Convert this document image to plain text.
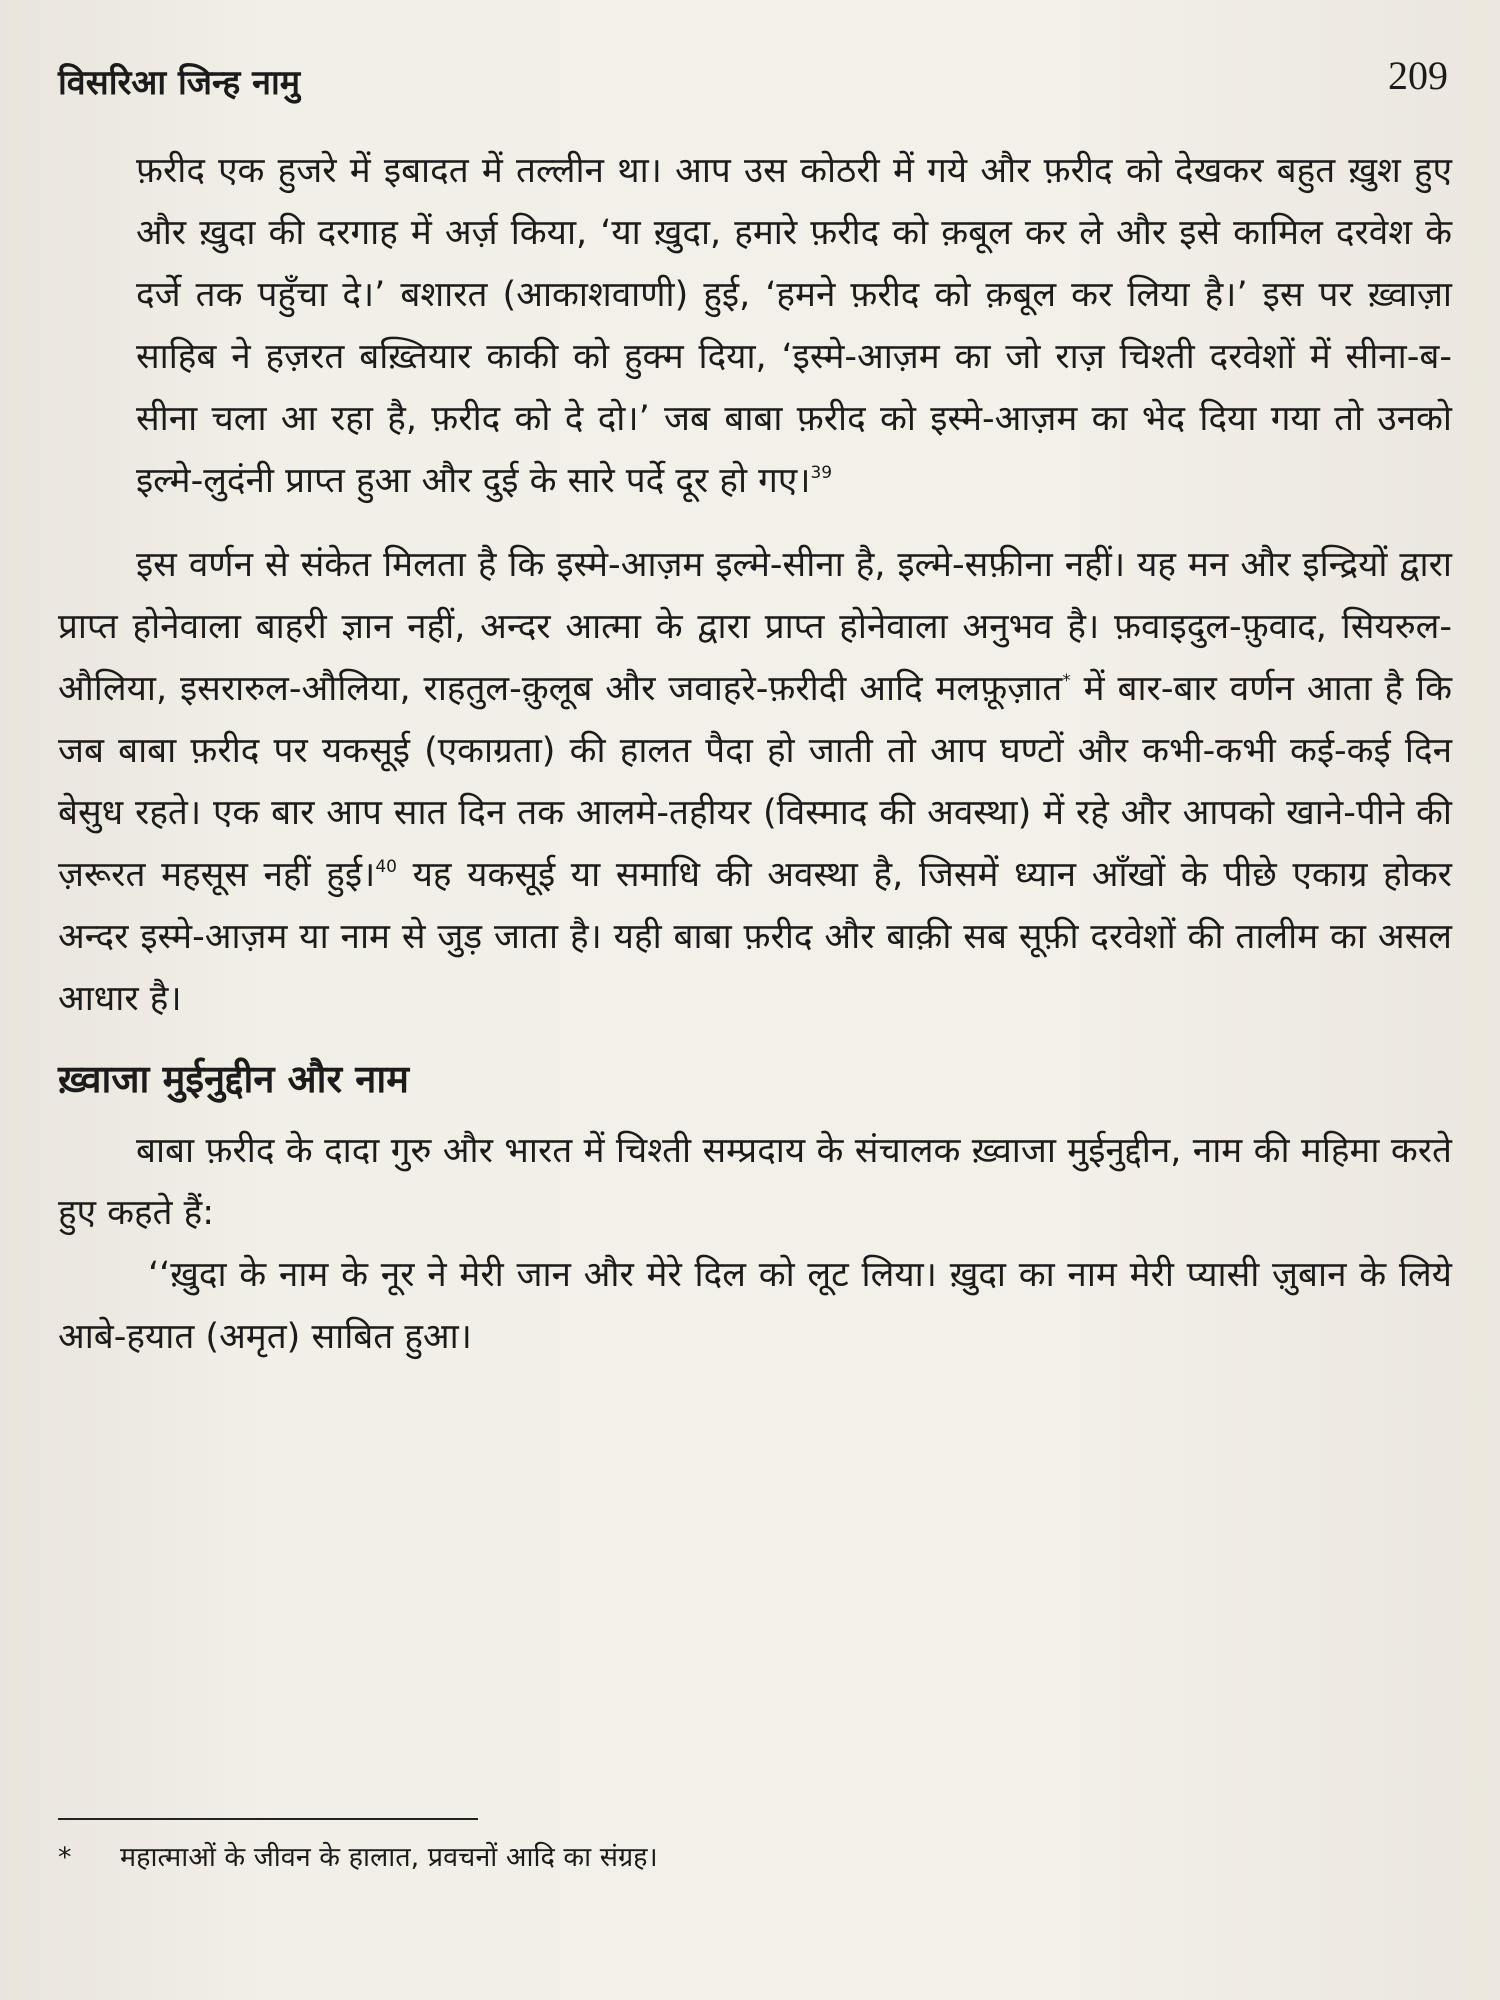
विसरिआ जिन्ह नामु	209

फ़रीद एक हुजरे में इबादत में तल्लीन था। आप उस कोठरी में गये और फ़रीद को देखकर बहुत ख़ुश हुए और ख़ुदा की दरगाह में अर्ज़ किया, ‘या ख़ुदा, हमारे फ़रीद को क़बूल कर ले और इसे कामिल दरवेश के दर्जे तक पहुँचा दे।’ बशारत (आकाशवाणी) हुई, ‘हमने फ़रीद को क़बूल कर लिया है।’ इस पर ख़्वाज़ा साहिब ने हज़रत बख़्तियार काकी को हुक्म दिया, ‘इस्मे-आज़म का जो राज़ चिश्ती दरवेशों में सीना-ब-सीना चला आ रहा है, फ़रीद को दे दो।’ जब बाबा फ़रीद को इस्मे-आज़म का भेद दिया गया तो उनको इल्मे-लुदंनी प्राप्त हुआ और दुई के सारे पर्दे दूर हो गए।$^{39}$

इस वर्णन से संकेत मिलता है कि इस्मे-आज़म इल्मे-सीना है, इल्मे-सफ़ीना नहीं। यह मन और इन्द्रियों द्वारा प्राप्त होनेवाला बाहरी ज्ञान नहीं, अन्दर आत्मा के द्वारा प्राप्त होनेवाला अनुभव है। फ़वाइदुल-फ़ुवाद, सियरुल-औलिया, इसरारुल-औलिया, राहतुल-क़ुलूब और जवाहरे-फ़रीदी आदि मलफ़ूज़ात* में बार-बार वर्णन आता है कि जब बाबा फ़रीद पर यकसूई (एकाग्रता) की हालत पैदा हो जाती तो आप घण्टों और कभी-कभी कई-कई दिन बेसुध रहते। एक बार आप सात दिन तक आलमे-तहीयर (विस्माद की अवस्था) में रहे और आपको खाने-पीने की ज़रूरत महसूस नहीं हुई।$^{40}$ यह यकसूई या समाधि की अवस्था है, जिसमें ध्यान आँखों के पीछे एकाग्र होकर अन्दर इस्मे-आज़म या नाम से जुड़ जाता है। यही बाबा फ़रीद और बाक़ी सब सूफ़ी दरवेशों की तालीम का असल आधार है।

ख़्वाजा मुईनुद्दीन और नाम

बाबा फ़रीद के दादा गुरु और भारत में चिश्ती सम्प्रदाय के संचालक ख़्वाजा मुईनुद्दीन, नाम की महिमा करते हुए कहते हैं:

‘‘ख़ुदा के नाम के नूर ने मेरी जान और मेरे दिल को लूट लिया। ख़ुदा का नाम मेरी प्यासी ज़ुबान के लिये आबे-हयात (अमृत) साबित हुआ।

* महात्माओं के जीवन के हालात, प्रवचनों आदि का संग्रह।
